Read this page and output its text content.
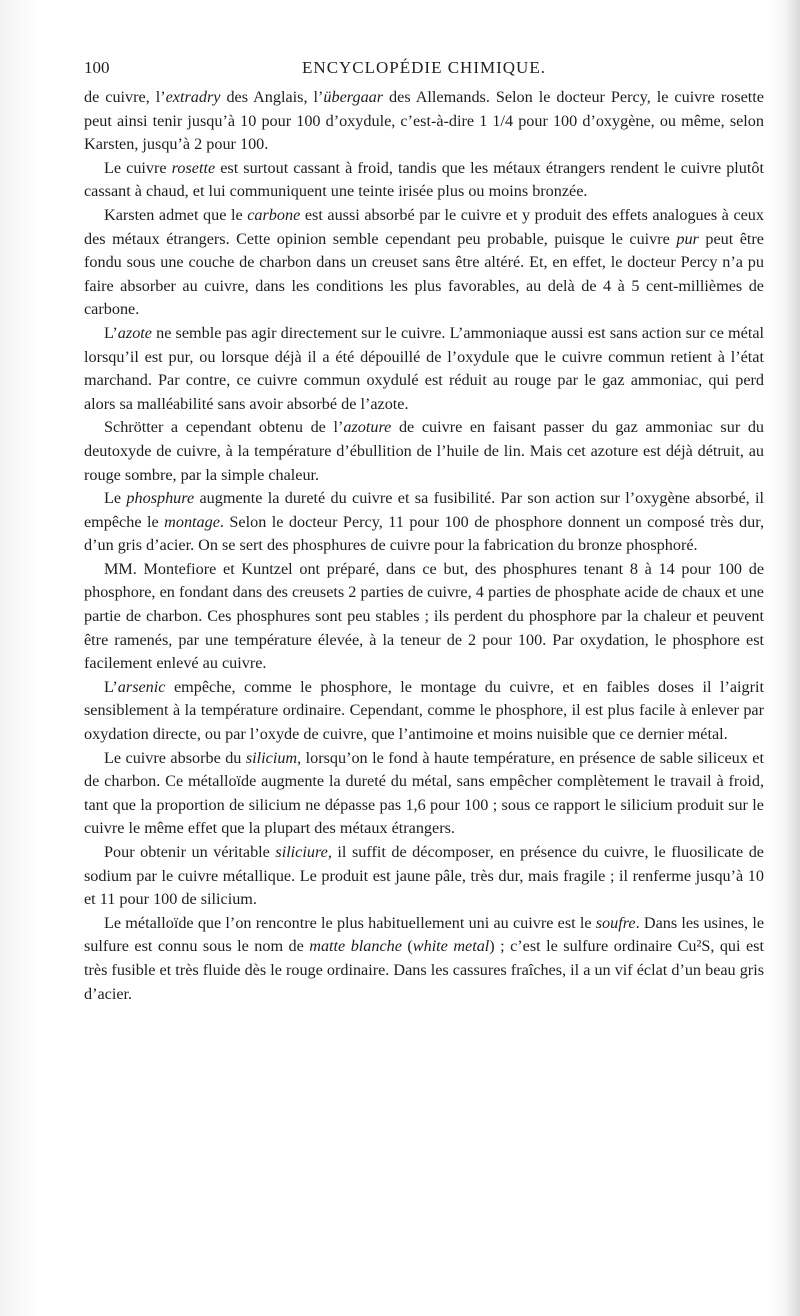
100	ENCYCLOPÉDIE CHIMIQUE.

de cuivre, l’extradry des Anglais, l’übergaar des Allemands. Selon le docteur Percy, le cuivre rosette peut ainsi tenir jusqu’à 10 pour 100 d’oxydule, c’est-à-dire 1 1/4 pour 100 d’oxygène, ou même, selon Karsten, jusqu’à 2 pour 100.

Le cuivre rosette est surtout cassant à froid, tandis que les métaux étrangers rendent le cuivre plutôt cassant à chaud, et lui communiquent une teinte irisée plus ou moins bronzée.

Karsten admet que le carbone est aussi absorbé par le cuivre et y produit des effets analogues à ceux des métaux étrangers. Cette opinion semble cependant peu probable, puisque le cuivre pur peut être fondu sous une couche de charbon dans un creuset sans être altéré. Et, en effet, le docteur Percy n’a pu faire absorber au cuivre, dans les conditions les plus favorables, au delà de 4 à 5 cent-millièmes de carbone.

L’azote ne semble pas agir directement sur le cuivre. L’ammoniaque aussi est sans action sur ce métal lorsqu’il est pur, ou lorsque déjà il a été dépouillé de l’oxydule que le cuivre commun retient à l’état marchand. Par contre, ce cuivre commun oxydulé est réduit au rouge par le gaz ammoniac, qui perd alors sa malléabilité sans avoir absorbé de l’azote.

Schrötter a cependant obtenu de l’azoture de cuivre en faisant passer du gaz ammoniac sur du deutoxyde de cuivre, à la température d’ébullition de l’huile de lin. Mais cet azoture est déjà détruit, au rouge sombre, par la simple chaleur.

Le phosphure augmente la dureté du cuivre et sa fusibilité. Par son action sur l’oxygène absorbé, il empêche le montage. Selon le docteur Percy, 11 pour 100 de phosphore donnent un composé très dur, d’un gris d’acier. On se sert des phosphures de cuivre pour la fabrication du bronze phosphoré.

MM. Montefiore et Kuntzel ont préparé, dans ce but, des phosphures tenant 8 à 14 pour 100 de phosphore, en fondant dans des creusets 2 parties de cuivre, 4 parties de phosphate acide de chaux et une partie de charbon. Ces phosphures sont peu stables ; ils perdent du phosphore par la chaleur et peuvent être ramenés, par une température élevée, à la teneur de 2 pour 100. Par oxydation, le phosphore est facilement enlevé au cuivre.

L’arsenic empêche, comme le phosphore, le montage du cuivre, et en faibles doses il l’aigrit sensiblement à la température ordinaire. Cependant, comme le phosphore, il est plus facile à enlever par oxydation directe, ou par l’oxyde de cuivre, que l’antimoine et moins nuisible que ce dernier métal.

Le cuivre absorbe du silicium, lorsqu’on le fond à haute température, en présence de sable siliceux et de charbon. Ce métalloïde augmente la dureté du métal, sans empêcher complètement le travail à froid, tant que la proportion de silicium ne dépasse pas 1,6 pour 100 ; sous ce rapport le silicium produit sur le cuivre le même effet que la plupart des métaux étrangers.

Pour obtenir un véritable siliciure, il suffit de décomposer, en présence du cuivre, le fluosilicate de sodium par le cuivre métallique. Le produit est jaune pâle, très dur, mais fragile ; il renferme jusqu’à 10 et 11 pour 100 de silicium.

Le métalloïde que l’on rencontre le plus habituellement uni au cuivre est le soufre. Dans les usines, le sulfure est connu sous le nom de matte blanche (white metal) ; c’est le sulfure ordinaire Cu²S, qui est très fusible et très fluide dès le rouge ordinaire. Dans les cassures fraîches, il a un vif éclat d’un beau gris d’acier.
